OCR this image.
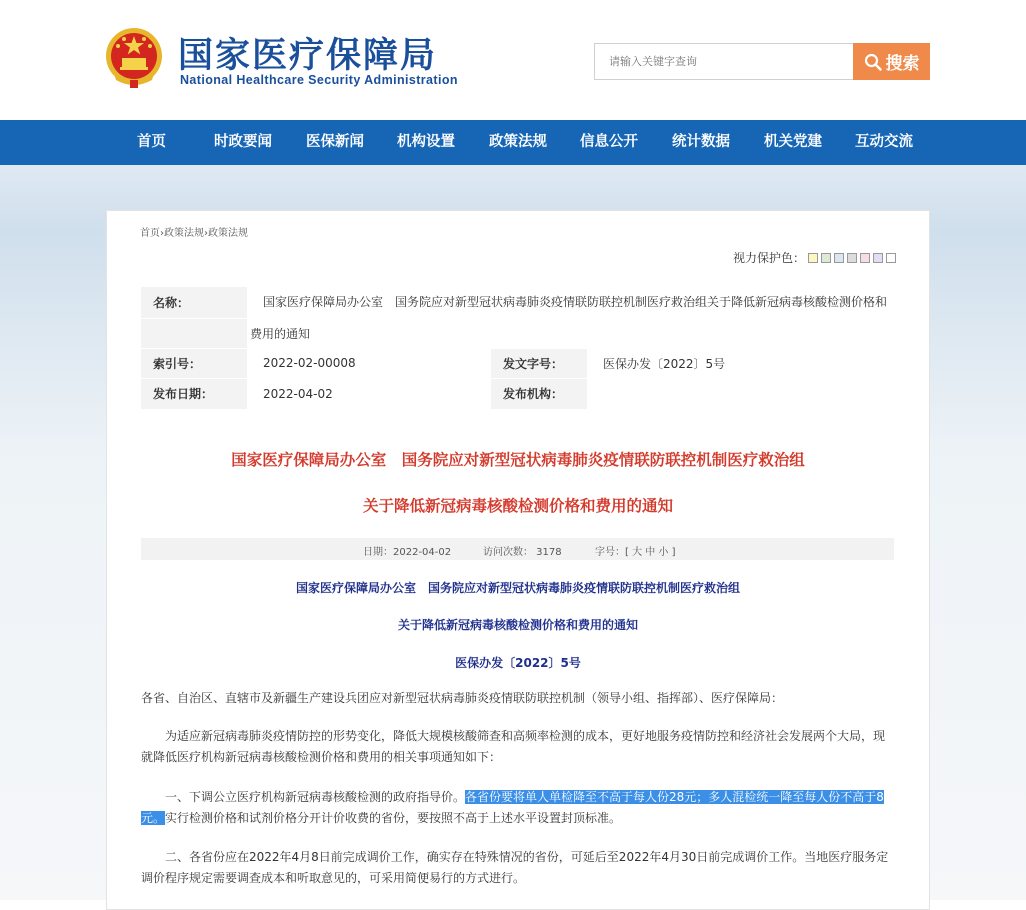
国家医疗保障局
National Healthcare Security Administration
请输入关键字查询
搜索
首页	时政要闻 医保新闻 机构设置 政策法规 信息公开 统计数据 机关党建 互动交流
首页›政策法规›政策法规
视力保护色：
名称：	国家医疗保障局办公室　国务院应对新型冠状病毒肺炎疫情联防联控机制医疗救治组关于降低新冠病毒核酸检测价格和		

	费用的通知		
索引号：	2022-02-00008	发文字号：	医保办发〔2022〕5号
发布日期：	2022-04-02	发布机构：	
国家医疗保障局办公室　国务院应对新型冠状病毒肺炎疫情联防联控机制医疗救治组
关于降低新冠病毒核酸检测价格和费用的通知
日期：2022-04-02	访问次数： 3178	字号：[ 大 中 小 ]
国家医疗保障局办公室　国务院应对新型冠状病毒肺炎疫情联防联控机制医疗救治组
关于降低新冠病毒核酸检测价格和费用的通知
医保办发〔2022〕5号
各省、自治区、直辖市及新疆生产建设兵团应对新型冠状病毒肺炎疫情联防联控机制（领导小组、指挥部）、医疗保障局：
为适应新冠病毒肺炎疫情防控的形势变化，降低大规模核酸筛查和高频率检测的成本，更好地服务疫情防控和经济社会发展两个大局，现就降低医疗机构新冠病毒核酸检测价格和费用的相关事项通知如下：
一、下调公立医疗机构新冠病毒核酸检测的政府指导价。各省份要将单人单检降至不高于每人份28元；多人混检统一降至每人份不高于8元。实行检测价格和试剂价格分开计价收费的省份，要按照不高于上述水平设置封顶标准。
二、各省份应在2022年4月8日前完成调价工作，确实存在特殊情况的省份，可延后至2022年4月30日前完成调价工作。当地医疗服务定调价程序规定需要调查成本和听取意见的，可采用简便易行的方式进行。
